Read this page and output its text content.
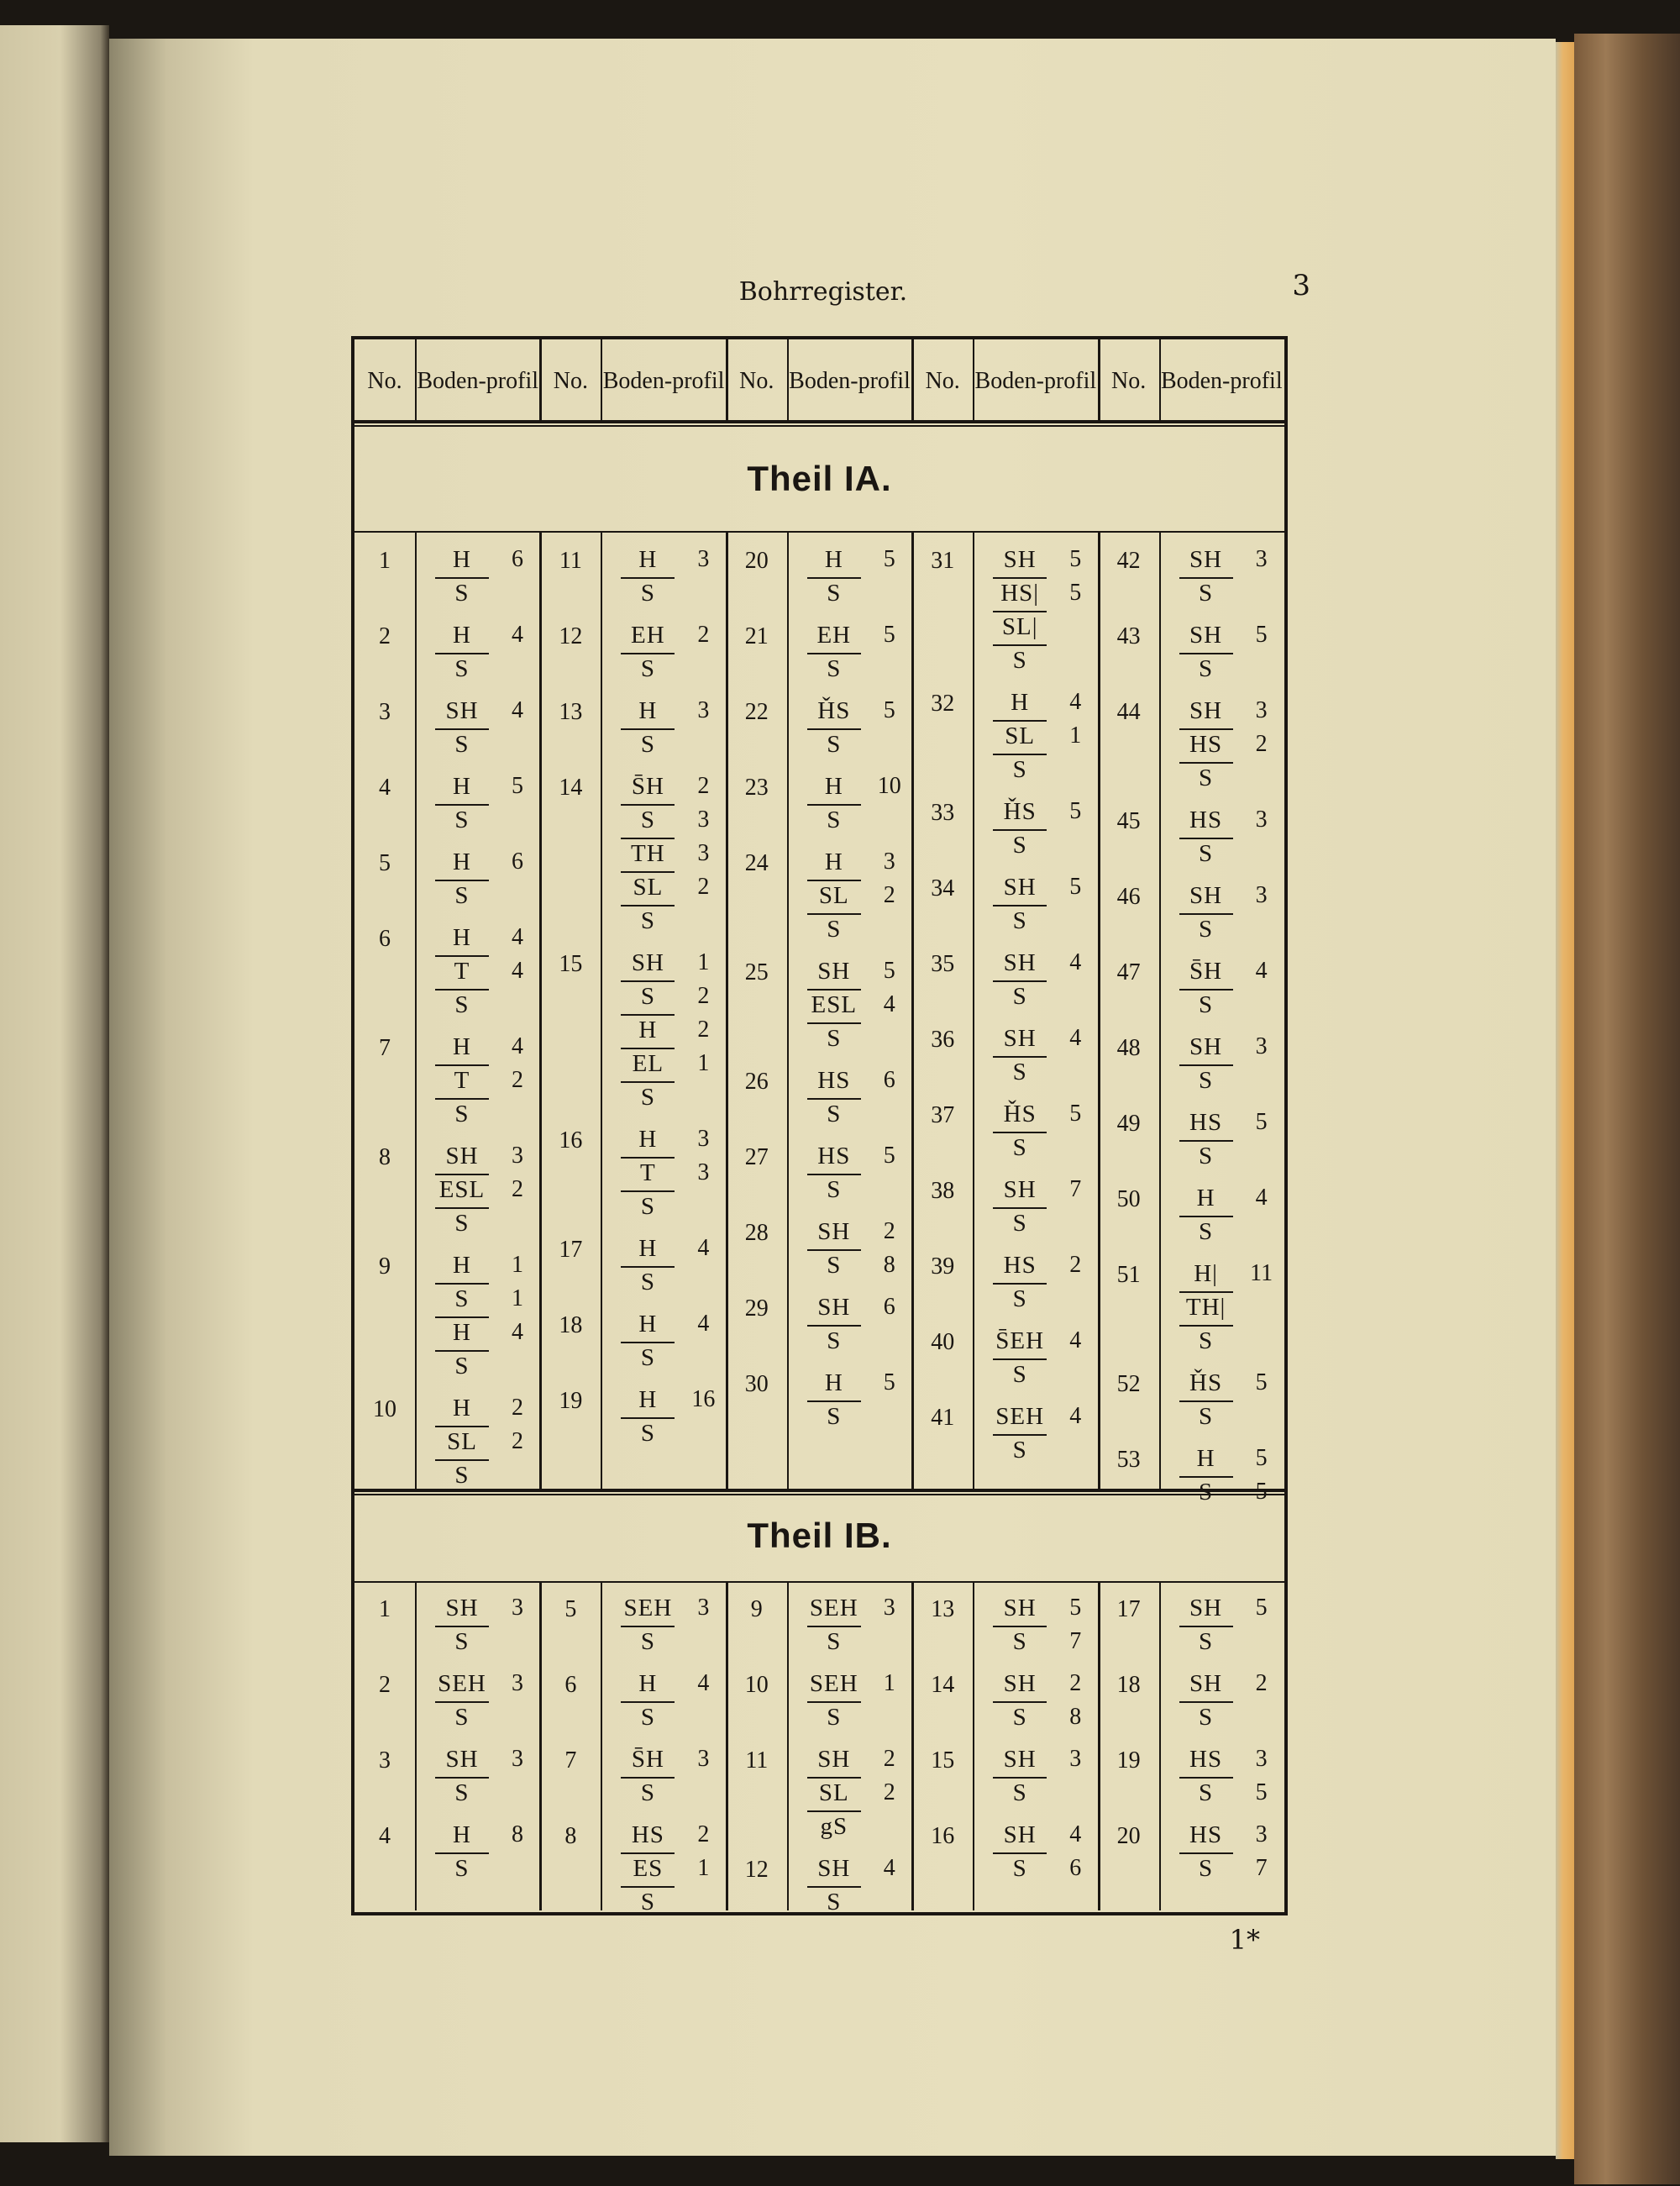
Bohrregister.	3
1*
No. Boden- profil No. Boden- profil No. Boden- profil No. Boden- profil No. Boden- profil
Theil IA.
1	H	6
S
2	H	4
S
3	SH	4
S
4	H	5
S
5	H	6
S
6	H	4
T	4
S
7	H	4
T	2
S
8	SH	3
ESL	2
S
9	H	1
S	1
H	4
S
10	H	2
SL	2
S
11	H	3
S
12	EH	2
S
13	H	3
S
14	S̄H	2
S	3
TH	3
SL	2
S
15	SH	1
S	2
H	2
EL	1
S
16	H	3
T	3
S
17	H	4
S
18	H	4
S
19	H	16
S
20	H	5
S
21	EH	5
S
22	ȞS	5
S
23	H	10
S
24	H	3
SL	2
S
25	SH	5
ESL	4
S
26	HS	6
S
27	HS	5
S
28	SH	2
S	8
29	SH	6
S
30	H	5
S
31	SH	5
HS|	5
SL|
S
32	H	4
SL	1
S
33	ȞS	5
S
34	SH	5
S
35	SH	4
S
36	SH	4
S
37	ȞS	5
S
38	SH	7
S
39	HS	2
S
40	S̄EH	4
S
41	SEH	4
S
42	SH	3
S
43	SH	5
S
44	SH	3
HS	2
S
45	HS	3
S
46	SH	3
S
47	S̄H	4
S
48	SH	3
S
49	HS	5
S
50	H	4
S
51	H|	11
TH|
S
52	ȞS	5
S
53	H	5
S	5
Theil IB.
1	SH	3
S
2	SEH	3
S
3	SH	3
S
4	H	8
S
5	SEH	3
S
6	H	4
S
7	S̄H	3
S
8	HS	2
ES	1
S
9	SEH	3
S
10	SEH	1
S
11	SH	2
SL	2
gS
12	SH	4
S
13	SH	5
S	7
14	SH	2
S	8
15	SH	3
S
16	SH	4
S	6
17	SH	5
S
18	SH	2
S
19	HS	3
S	5
20	HS	3
S	7
